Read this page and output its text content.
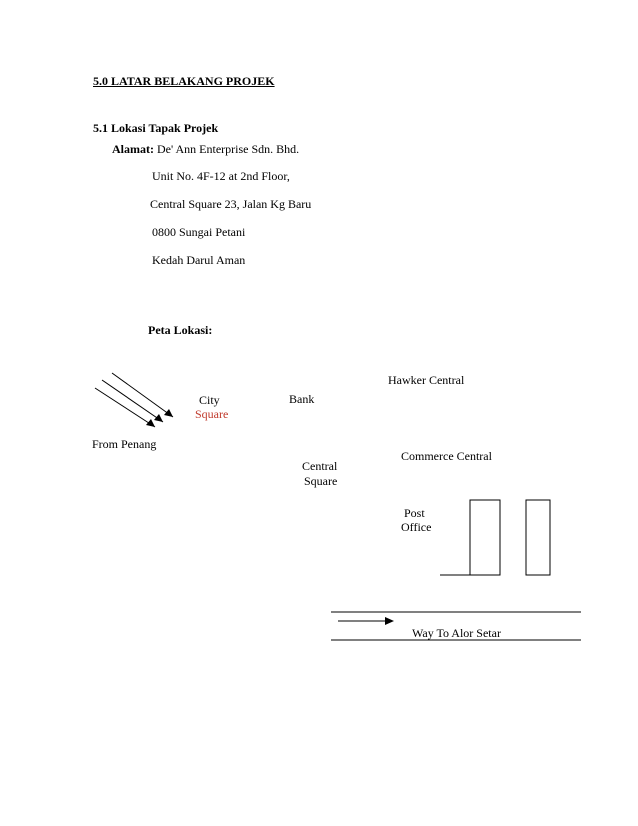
5.0 LATAR BELAKANG PROJEK
5.1 Lokasi Tapak Projek
Alamat: De' Ann Enterprise Sdn. Bhd.
Unit No. 4F-12 at 2nd Floor,
Central Square 23, Jalan Kg Baru
0800 Sungai Petani
Kedah Darul Aman
Peta Lokasi:
Hawker Central
City
Square
Bank
From Penang
Commerce Central
Central
Square
Post
Office
Way To Alor Setar
